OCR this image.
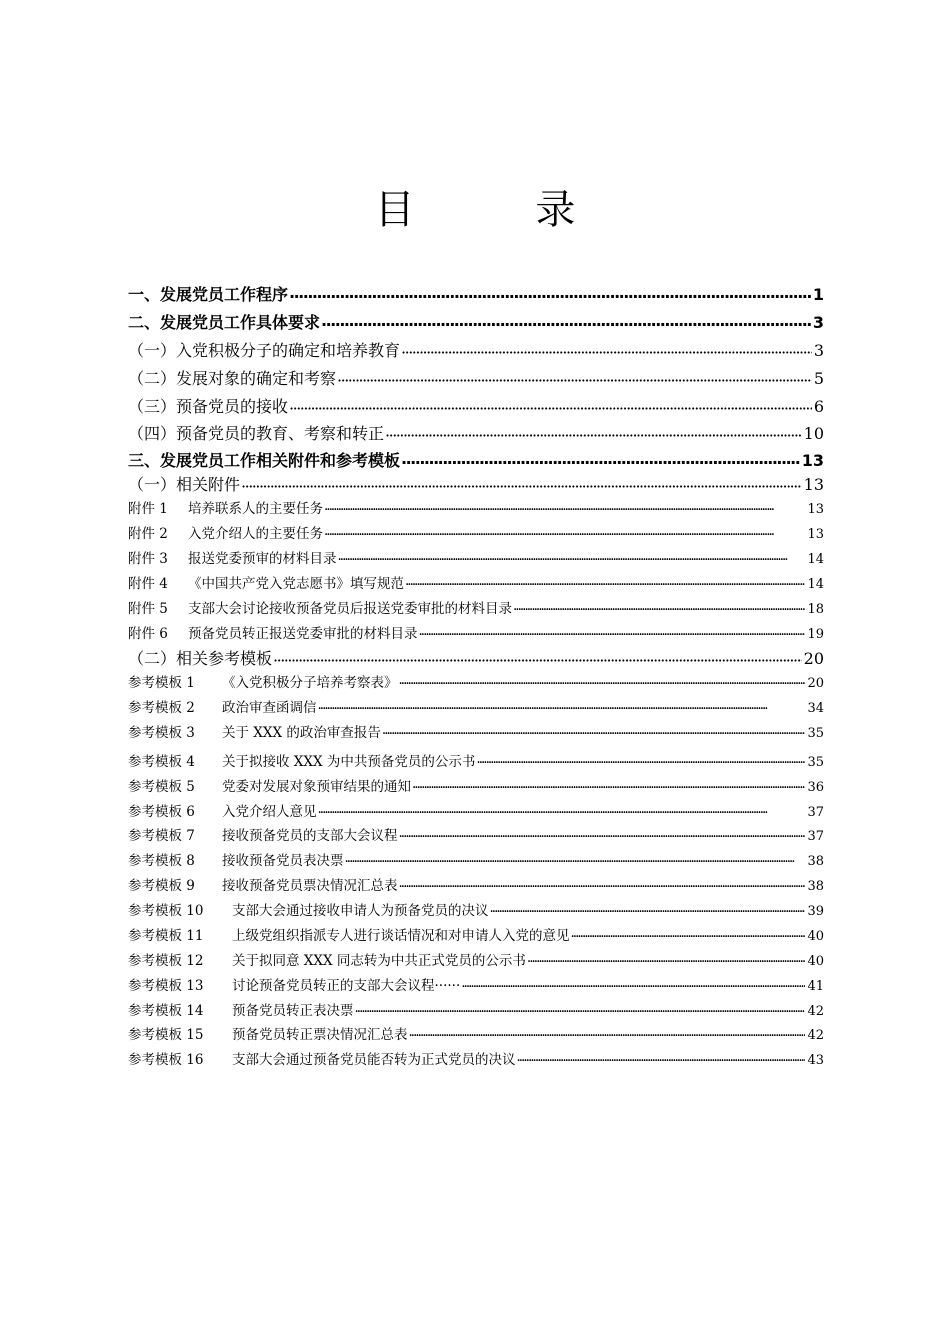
目 录
一、发展党员工作程序 ·····	1
二、发展党员工作具体要求 ·····	3
（一）入党积极分子的确定和培养教育 ·····	3
（二）发展对象的确定和考察 ·····	5
（三）预备党员的接收 ·····	6
（四）预备党员的教育、考察和转正 ·····	10
三、发展党员工作相关附件和参考模板 ·····	13
（一）相关附件 ·····	13
附件 1 培养联系人的主要任务 ·····	13
附件 2 入党介绍人的主要任务 ·····	13
附件 3 报送党委预审的材料目录 ·····	14
附件 4 《中国共产党入党志愿书》填写规范 ·····	14
附件 5 支部大会讨论接收预备党员后报送党委审批的材料目录 ·····	18
附件 6 预备党员转正报送党委审批的材料目录 ·····	19
（二）相关参考模板 ·····	20
参考模板 1 《入党积极分子培养考察表》 ·····	20
参考模板 2 政治审查函调信 ·····	34
参考模板 3 关于 XXX 的政治审查报告 ·····	35
参考模板 4 关于拟接收 XXX 为中共预备党员的公示书 ·····	35
参考模板 5 党委对发展对象预审结果的通知 ·····	36
参考模板 6 入党介绍人意见 ·····	37
参考模板 7 接收预备党员的支部大会议程 ·····	37
参考模板 8 接收预备党员表决票 ·····	38
参考模板 9 接收预备党员票决情况汇总表 ·····	38
参考模板 10 支部大会通过接收申请人为预备党员的决议 ·····	39
参考模板 11 上级党组织指派专人进行谈话情况和对申请人入党的意见 ·····	40
参考模板 12 关于拟同意 XXX 同志转为中共正式党员的公示书 ·····	40
参考模板 13 讨论预备党员转正的支部大会议程······ ·····	41
参考模板 14 预备党员转正表决票 ·····	42
参考模板 15 预备党员转正票决情况汇总表 ·····	42
参考模板 16 支部大会通过预备党员能否转为正式党员的决议 ·····	43
